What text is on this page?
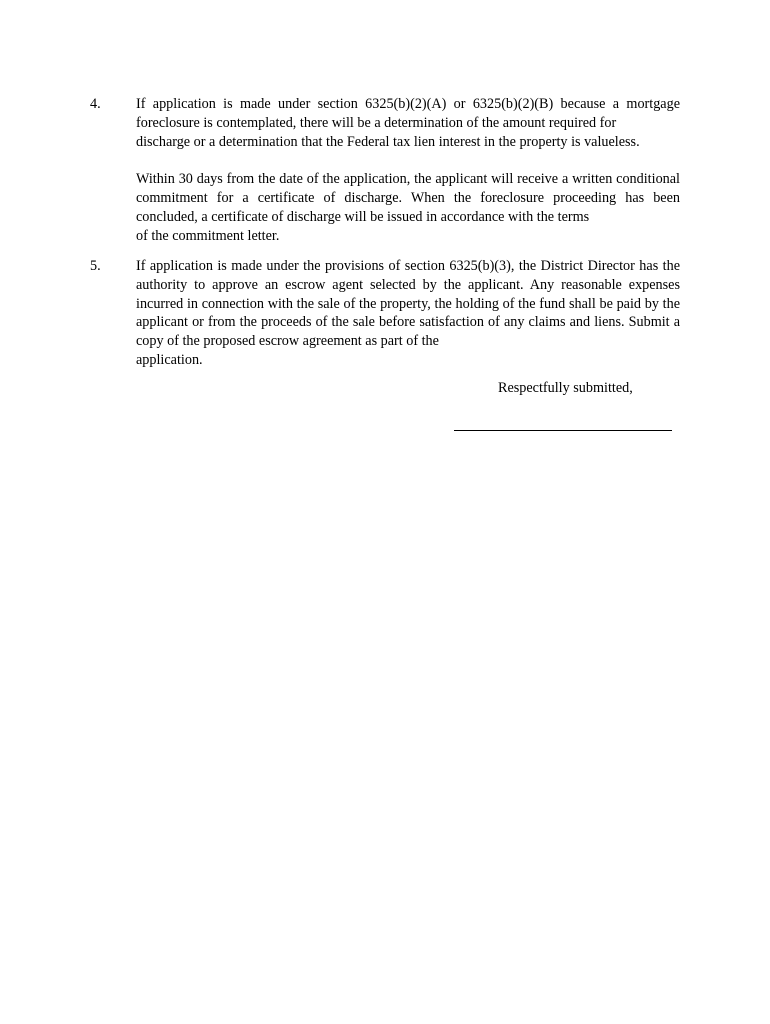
4. If application is made under section 6325(b)(2)(A) or 6325(b)(2)(B) because a mortgage foreclosure is contemplated, there will be a determination of the amount required for
discharge or a determination that the Federal tax lien interest in the property is valueless.

Within 30 days from the date of the application, the applicant will receive a written conditional commitment for a certificate of discharge. When the foreclosure proceeding has been concluded, a certificate of discharge will be issued in accordance with the terms
of the commitment letter.

5. If application is made under the provisions of section 6325(b)(3), the District Director has the authority to approve an escrow agent selected by the applicant. Any reasonable expenses incurred in connection with the sale of the property, the holding of the fund shall be paid by the applicant or from the proceeds of the sale before satisfaction of any claims and liens. Submit a copy of the proposed escrow agreement as part of the
application.

Respectfully submitted,
